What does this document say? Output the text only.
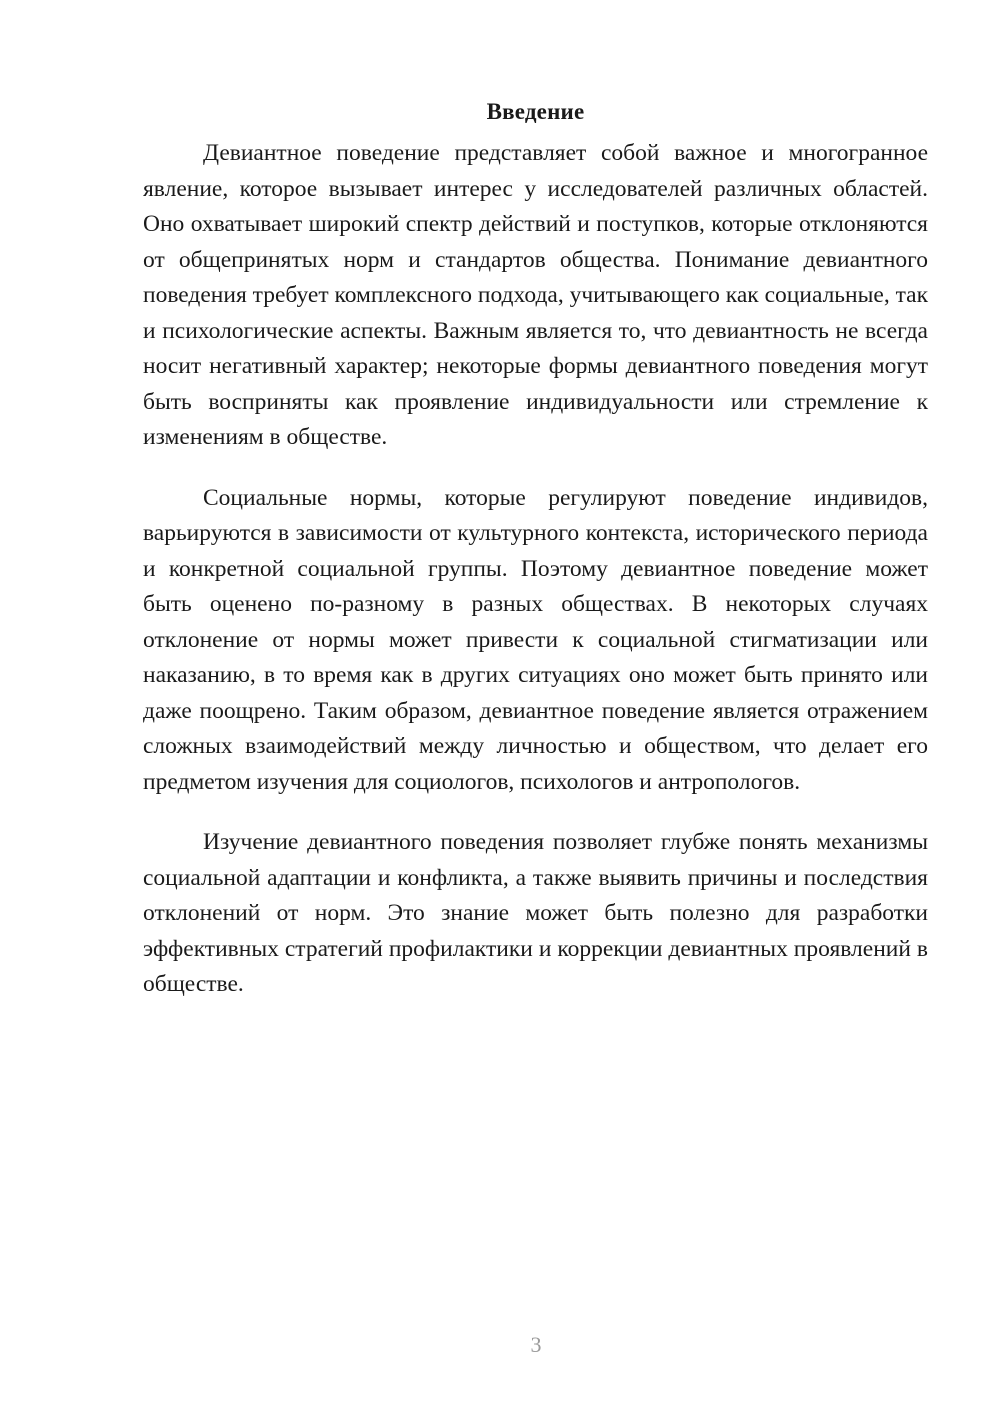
Введение

Девиантное поведение представляет собой важное и многогранное явление, которое вызывает интерес у исследователей различных областей. Оно охватывает широкий спектр действий и поступков, которые отклоняются от общепринятых норм и стандартов общества. Понимание девиантного поведения требует комплексного подхода, учитывающего как социальные, так и психологические аспекты. Важным является то, что девиантность не всегда носит негативный характер; некоторые формы девиантного поведения могут быть восприняты как проявление индивидуальности или стремление к изменениям в обществе.

Социальные нормы, которые регулируют поведение индивидов, варьируются в зависимости от культурного контекста, исторического периода и конкретной социальной группы. Поэтому девиантное поведение может быть оценено по-разному в разных обществах. В некоторых случаях отклонение от нормы может привести к социальной стигматизации или наказанию, в то время как в других ситуациях оно может быть принято или даже поощрено. Таким образом, девиантное поведение является отражением сложных взаимодействий между личностью и обществом, что делает его предметом изучения для социологов, психологов и антропологов.

Изучение девиантного поведения позволяет глубже понять механизмы социальной адаптации и конфликта, а также выявить причины и последствия отклонений от норм. Это знание может быть полезно для разработки эффективных стратегий профилактики и коррекции девиантных проявлений в обществе.

3
